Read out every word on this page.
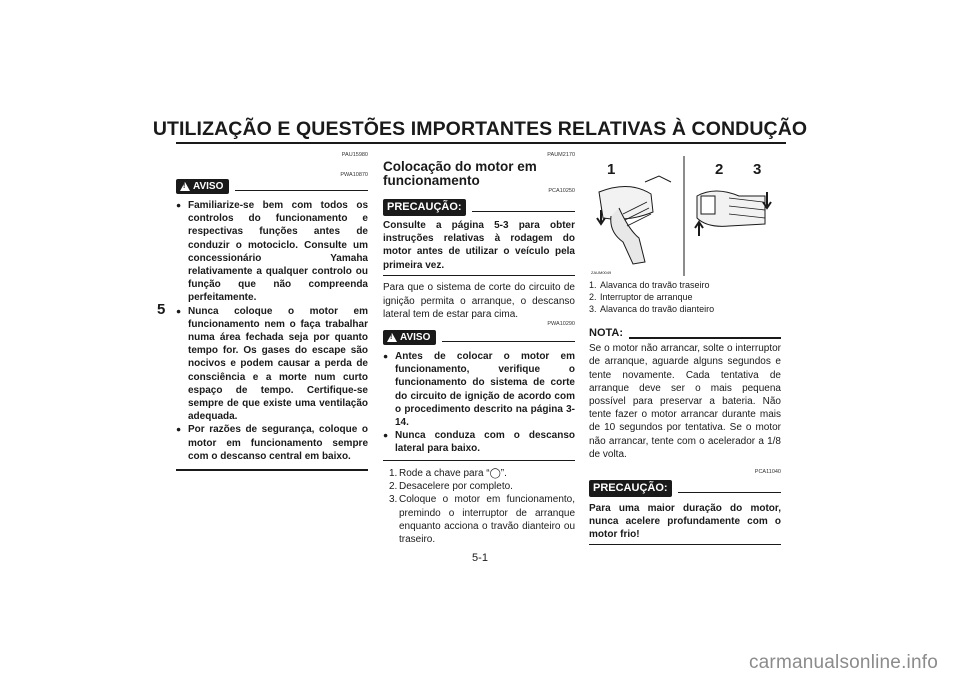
UTILIZAÇÃO E QUESTÕES IMPORTANTES RELATIVAS À CONDUÇÃO
5
PAU15980
! AVISO
PWA10870
● Familiarize-se bem com todos os controlos do funcionamento e respectivas funções antes de conduzir o motociclo. Consulte um concessionário Yamaha relativamente a qualquer controlo ou função que não compreenda perfeitamente.
● Nunca coloque o motor em funcionamento nem o faça trabalhar numa área fechada seja por quanto tempo for. Os gases do escape são nocivos e podem causar a perda de consciência e a morte num curto espaço de tempo. Certifique-se sempre de que existe uma ventilação adequada.
● Por razões de segurança, coloque o motor em funcionamento sempre com o descanso central em baixo.
PAUM2170
Colocação do motor em funcionamento
PCA10250
PRECAUÇÃO:
Consulte a página 5-3 para obter instruções relativas à rodagem do motor antes de utilizar o veículo pela primeira vez.
Para que o sistema de corte do circuito de ignição permita o arranque, o descanso lateral tem de estar para cima.
PWA10290
! AVISO
● Antes de colocar o motor em funcionamento, verifique o funcionamento do sistema de corte do circuito de ignição de acordo com o procedimento descrito na página 3-14.
● Nunca conduza com o descanso lateral para baixo.
1. Rode a chave para “◯”.
2. Desacelere por completo.
3. Coloque o motor em funcionamento, premindo o interruptor de arranque enquanto acciona o travão dianteiro ou traseiro.
1	2 3
ZAUM0049
1. Alavanca do travão traseiro
2. Interruptor de arranque
3. Alavanca do travão dianteiro
NOTA:
Se o motor não arrancar, solte o interruptor de arranque, aguarde alguns segundos e tente novamente. Cada tentativa de arranque deve ser o mais pequena possível para preservar a bateria. Não tente fazer o motor arrancar durante mais de 10 segundos por tentativa. Se o motor não arrancar, tente com o acelerador a 1/8 de volta.
PCA11040
PRECAUÇÃO:
Para uma maior duração do motor, nunca acelere profundamente com o motor frio!
5-1
carmanualsonline.info
